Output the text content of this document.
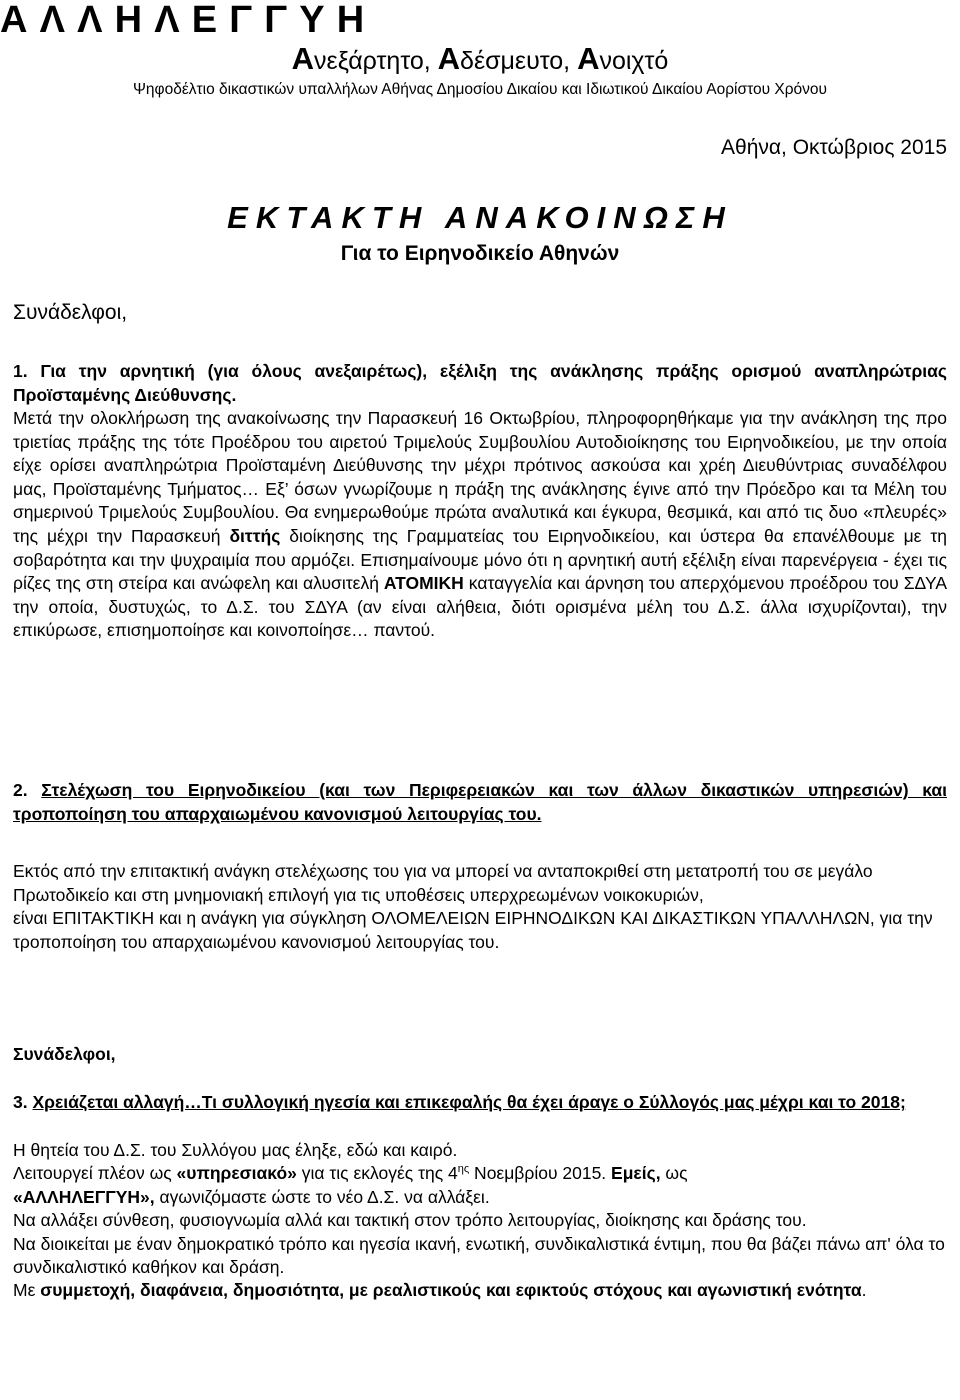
ΑΛΛΗΛΕΓΓΥΗ
Ανεξάρτητο, Αδέσμευτο, Ανοιχτό
Ψηφοδέλτιο δικαστικών υπαλλήλων Αθήνας Δημοσίου Δικαίου και Ιδιωτικού Δικαίου Αορίστου Χρόνου
Αθήνα, Οκτώβριος 2015
ΕΚΤΑΚΤΗ ΑΝΑΚΟΙΝΩΣΗ
Για το Ειρηνοδικείο Αθηνών
Συνάδελφοι,

1. Για την αρνητική (για όλους ανεξαιρέτως), εξέλιξη της ανάκλησης πράξης ορισμού αναπληρώτριας Προϊσταμένης Διεύθυνσης.

Μετά την ολοκλήρωση της ανακοίνωσης την Παρασκευή 16 Οκτωβρίου, πληροφορηθήκαμε για την ανάκληση της προ τριετίας πράξης της τότε Προέδρου του αιρετού Τριμελούς Συμβουλίου Αυτοδιοίκησης του Ειρηνοδικείου, με την οποία είχε ορίσει αναπληρώτρια Προϊσταμένη Διεύθυνσης την μέχρι πρότινος ασκούσα και χρέη Διευθύντριας συναδέλφου μας, Προϊσταμένης Τμήματος… Εξ’ όσων γνωρίζουμε η πράξη της ανάκλησης έγινε από την Πρόεδρο και τα Μέλη του σημερινού Τριμελούς Συμβουλίου. Θα ενημερωθούμε πρώτα αναλυτικά και έγκυρα, θεσμικά, και από τις δυο «πλευρές» της μέχρι την Παρασκευή διττής διοίκησης της Γραμματείας του Ειρηνοδικείου, και ύστερα θα επανέλθουμε με τη σοβαρότητα και την ψυχραιμία που αρμόζει. Επισημαίνουμε μόνο ότι η αρνητική αυτή εξέλιξη είναι παρενέργεια - έχει τις ρίζες της στη στείρα και ανώφελη και αλυσιτελή ΑΤΟΜΙΚΗ καταγγελία και άρνηση του απερχόμενου προέδρου του ΣΔΥΑ την οποία, δυστυχώς, το Δ.Σ. του ΣΔΥΑ (αν είναι αλήθεια, διότι ορισμένα μέλη του Δ.Σ. άλλα ισχυρίζονται), την επικύρωσε, επισημοποίησε και κοινοποίησε… παντού.

2. Στελέχωση του Ειρηνοδικείου (και των Περιφερειακών και των άλλων δικαστικών υπηρεσιών) και τροποποίηση του απαρχαιωμένου κανονισμού λειτουργίας του.

Εκτός από την επιτακτική ανάγκη στελέχωσης του για να μπορεί να ανταποκριθεί στη μετατροπή του σε μεγάλο Πρωτοδικείο και στη μνημονιακή επιλογή για τις υποθέσεις υπερχρεωμένων νοικοκυριών,
είναι ΕΠΙΤΑΚΤΙΚΗ και η ανάγκη για σύγκληση ΟΛΟΜΕΛΕΙΩΝ ΕΙΡΗΝΟΔΙΚΩΝ ΚΑΙ ΔΙΚΑΣΤΙΚΩΝ ΥΠΑΛΛΗΛΩΝ, για την τροποποίηση του απαρχαιωμένου κανονισμού λειτουργίας του.

Συνάδελφοι,

3. Χρειάζεται αλλαγή…Τι συλλογική ηγεσία και επικεφαλής θα έχει άραγε ο Σύλλογός μας μέχρι και το 2018;

Η θητεία του Δ.Σ. του Συλλόγου μας έληξε, εδώ και καιρό.
Λειτουργεί πλέον ως «υπηρεσιακό» για τις εκλογές της $4^{\eta\varsigma}$ Νοεμβρίου 2015. Εμείς, ως
«ΑΛΛΗΛΕΓΓΥΗ», αγωνιζόμαστε ώστε το νέο Δ.Σ. να αλλάξει.
Να αλλάξει σύνθεση, φυσιογνωμία αλλά και τακτική στον τρόπο λειτουργίας, διοίκησης και δράσης του.
Να διοικείται με έναν δημοκρατικό τρόπο και ηγεσία ικανή, ενωτική, συνδικαλιστικά έντιμη, που θα βάζει πάνω απ' όλα το συνδικαλιστικό καθήκον και δράση.
Με συμμετοχή, διαφάνεια, δημοσιότητα, με ρεαλιστικούς και εφικτούς στόχους και αγωνιστική ενότητα.
